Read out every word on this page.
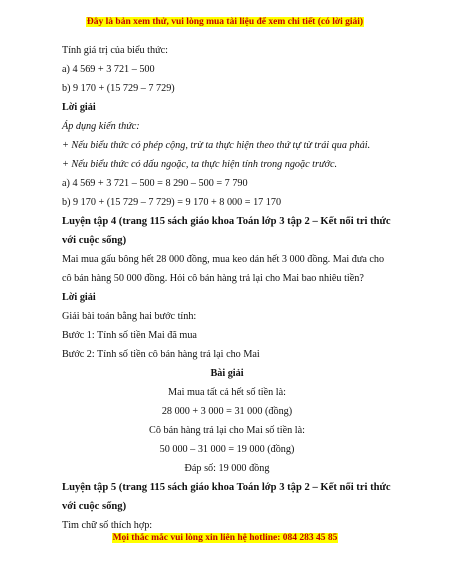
Đây là bản xem thử, vui lòng mua tài liệu để xem chi tiết (có lời giải)
Tính giá trị của biểu thức:
a) 4 569 + 3 721 – 500
b) 9 170 + (15 729 – 7 729)
Lời giải
Áp dụng kiến thức:
+ Nếu biểu thức có phép cộng, trừ ta thực hiện theo thứ tự từ trái qua phải.
+ Nếu biểu thức có dấu ngoặc, ta thực hiện tính trong ngoặc trước.
a) 4 569 + 3 721 – 500 = 8 290 – 500 = 7 790
b) 9 170 + (15 729 – 7 729) = 9 170 + 8 000 = 17 170
Luyện tập 4 (trang 115 sách giáo khoa Toán lớp 3 tập 2 – Kết nối tri thức
với cuộc sống)
Mai mua gấu bông hết 28 000 đồng, mua keo dán hết 3 000 đồng. Mai đưa cho
cô bán hàng 50 000 đồng. Hỏi cô bán hàng trả lại cho Mai bao nhiêu tiền?
Lời giải
Giải bài toán bằng hai bước tính:
Bước 1: Tính số tiền Mai đã mua
Bước 2: Tính số tiền cô bán hàng trả lại cho Mai
Bài giải
Mai mua tất cả hết số tiền là:
28 000 + 3 000 = 31 000 (đồng)
Cô bán hàng trả lại cho Mai số tiền là:
50 000 – 31 000 = 19 000 (đồng)
Đáp số: 19 000 đồng
Luyện tập 5 (trang 115 sách giáo khoa Toán lớp 3 tập 2 – Kết nối tri thức
với cuộc sống)
Tìm chữ số thích hợp:
Mọi thắc mắc vui lòng xin liên hệ hotline: 084 283 45 85
